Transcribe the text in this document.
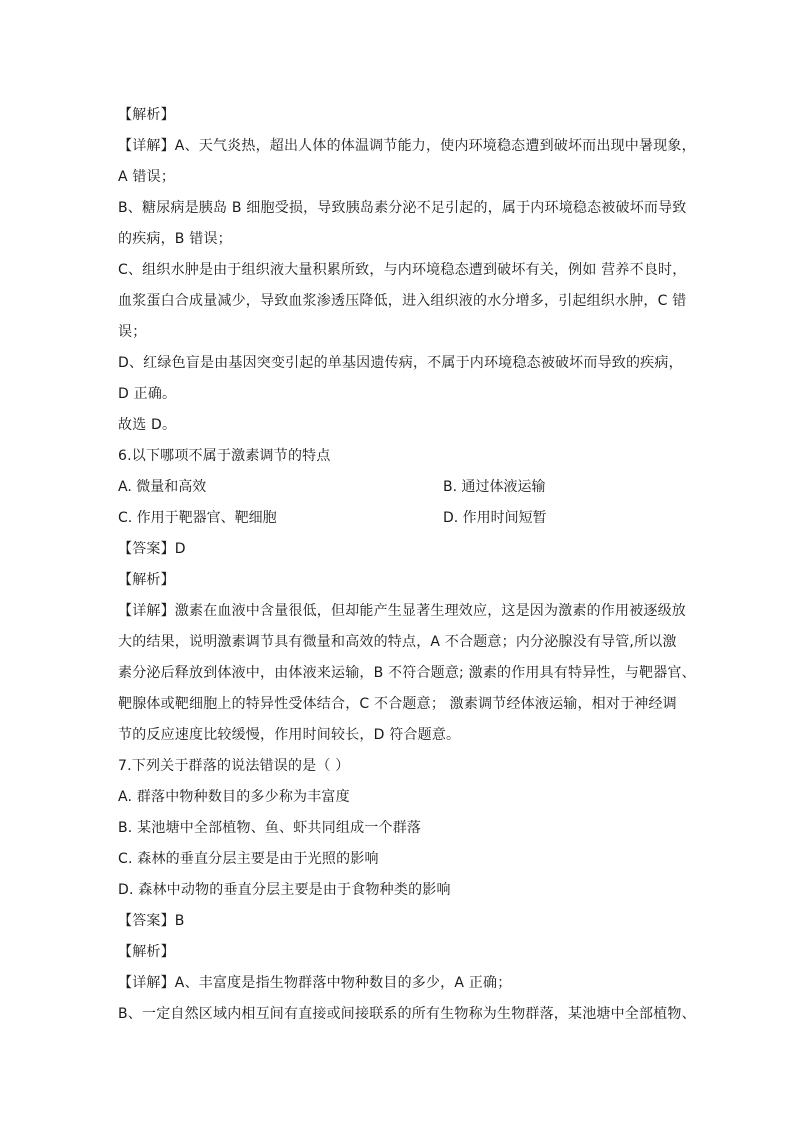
【解析】
【详解】A、天气炎热，超出人体的体温调节能力，使内环境稳态遭到破坏而出现中暑现象，
A 错误；
B、糖尿病是胰岛 B 细胞受损，导致胰岛素分泌不足引起的，属于内环境稳态被破坏而导致
的疾病，B 错误；
C、组织水肿是由于组织液大量积累所致，与内环境稳态遭到破坏有关，例如 营养不良时，
血浆蛋白合成量减少，导致血浆渗透压降低，进入组织液的水分增多，引起组织水肿，C 错
误；
D、红绿色盲是由基因突变引起的单基因遗传病，不属于内环境稳态被破坏而导致的疾病，
D 正确。
故选 D。
6.以下哪项不属于激素调节的特点
A. 微量和高效	B. 通过体液运输
C. 作用于靶器官、靶细胞	D. 作用时间短暂
【答案】D
【解析】
【详解】激素在血液中含量很低，但却能产生显著生理效应，这是因为激素的作用被逐级放
大的结果，说明激素调节具有微量和高效的特点，A 不合题意；内分泌腺没有导管,所以激
素分泌后释放到体液中，由体液来运输，B 不符合题意; 激素的作用具有特异性，与靶器官、
靶腺体或靶细胞上的特异性受体结合，C 不合题意； 激素调节经体液运输，相对于神经调
节的反应速度比较缓慢，作用时间较长，D 符合题意。
7.下列关于群落的说法错误的是（ ）
A. 群落中物种数目的多少称为丰富度
B. 某池塘中全部植物、鱼、虾共同组成一个群落
C. 森林的垂直分层主要是由于光照的影响
D. 森林中动物的垂直分层主要是由于食物种类的影响
【答案】B
【解析】
【详解】A、丰富度是指生物群落中物种数目的多少，A 正确；
B、一定自然区域内相互间有直接或间接联系的所有生物称为生物群落，某池塘中全部植物、
